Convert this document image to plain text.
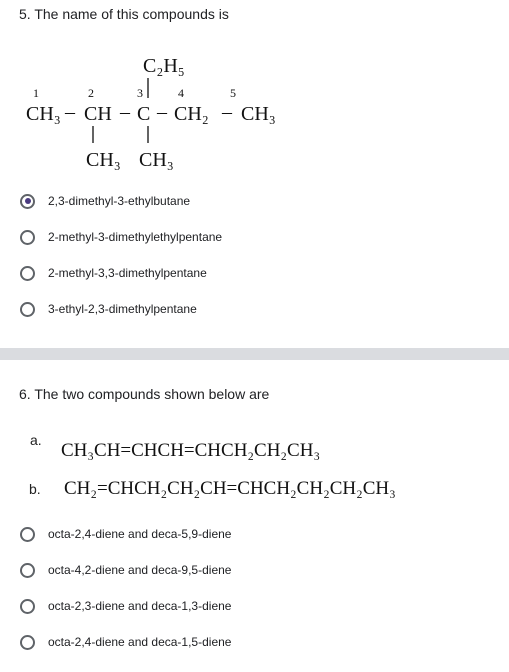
5. The name of this compounds is
C₂H₅
1	2	3	4	5
CH₃ – CH – C – CH₂ – CH₃
CH₃ CH₃
2,3-dimethyl-3-ethylbutane
2-methyl-3-dimethylethylpentane
2-methyl-3,3-dimethylpentane
3-ethyl-2,3-dimethylpentane
6. The two compounds shown below are
a. CH₃CH=CHCH=CHCH₂CH₂CH₃
b. CH₂=CHCH₂CH₂CH=CHCH₂CH₂CH₂CH₃
octa-2,4-diene and deca-5,9-diene
octa-4,2-diene and deca-9,5-diene
octa-2,3-diene and deca-1,3-diene
octa-2,4-diene and deca-1,5-diene
